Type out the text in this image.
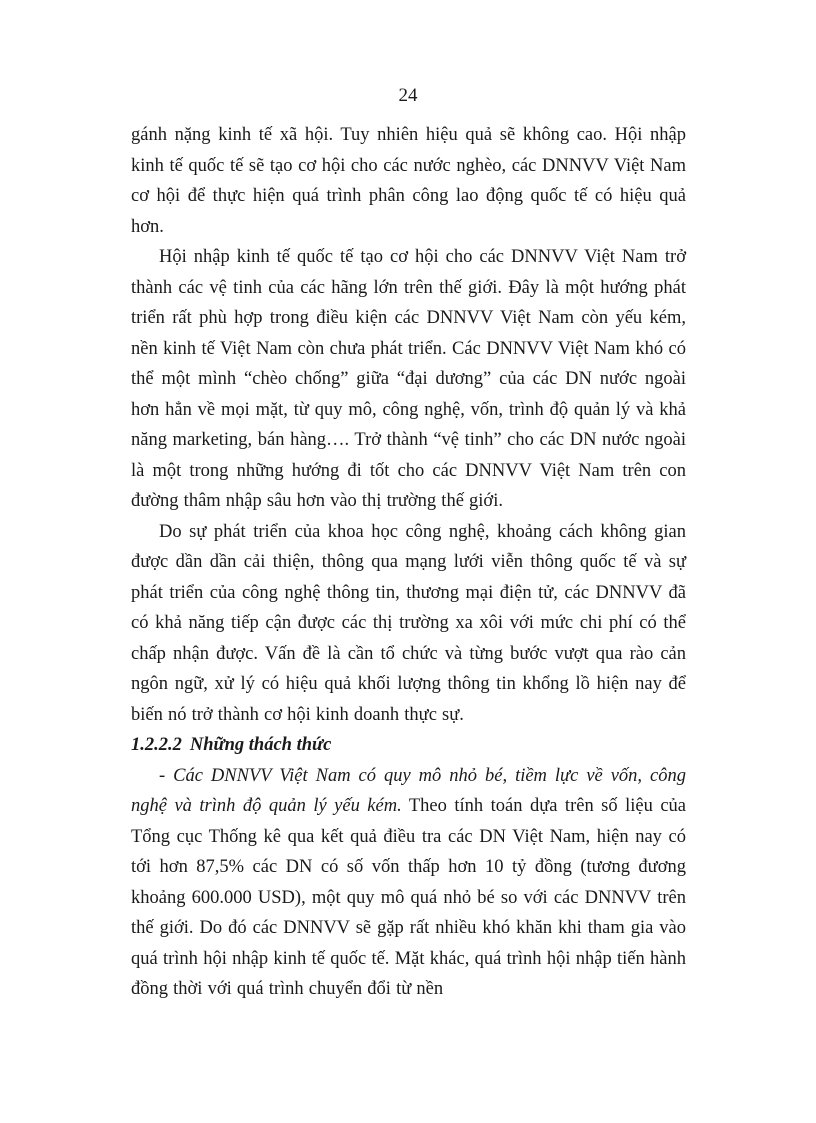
24

gánh nặng kinh tế xã hội. Tuy nhiên hiệu quả sẽ không cao. Hội nhập kinh tế quốc tế sẽ tạo cơ hội cho các nước nghèo, các DNNVV Việt Nam cơ hội để thực hiện quá trình phân công lao động quốc tế có hiệu quả hơn.

Hội nhập kinh tế quốc tế tạo cơ hội cho các DNNVV Việt Nam trở thành các vệ tinh của các hãng lớn trên thế giới. Đây là một hướng phát triển rất phù hợp trong điều kiện các DNNVV Việt Nam còn yếu kém, nền kinh tế Việt Nam còn chưa phát triển. Các DNNVV Việt Nam khó có thể một mình “chèo chống” giữa “đại dương” của các DN nước ngoài hơn hẳn về mọi mặt, từ quy mô, công nghệ, vốn, trình độ quản lý và khả năng marketing, bán hàng…. Trở thành “vệ tinh” cho các DN nước ngoài là một trong những hướng đi tốt cho các DNNVV Việt Nam trên con đường thâm nhập sâu hơn vào thị trường thế giới.

Do sự phát triển của khoa học công nghệ, khoảng cách không gian được dần dần cải thiện, thông qua mạng lưới viễn thông quốc tế và sự phát triển của công nghệ thông tin, thương mại điện tử, các DNNVV đã có khả năng tiếp cận được các thị trường xa xôi với mức chi phí có thể chấp nhận được. Vấn đề là cần tổ chức và từng bước vượt qua rào cản ngôn ngữ, xử lý có hiệu quả khối lượng thông tin khổng lồ hiện nay để biến nó trở thành cơ hội kinh doanh thực sự.

1.2.2.2 Những thách thức

- Các DNNVV Việt Nam có quy mô nhỏ bé, tiềm lực về vốn, công nghệ và trình độ quản lý yếu kém. Theo tính toán dựa trên số liệu của Tổng cục Thống kê qua kết quả điều tra các DN Việt Nam, hiện nay có tới hơn 87,5% các DN có số vốn thấp hơn 10 tỷ đồng (tương đương khoảng 600.000 USD), một quy mô quá nhỏ bé so với các DNNVV trên thế giới. Do đó các DNNVV sẽ gặp rất nhiều khó khăn khi tham gia vào quá trình hội nhập kinh tế quốc tế. Mặt khác, quá trình hội nhập tiến hành đồng thời với quá trình chuyển đổi từ nền
